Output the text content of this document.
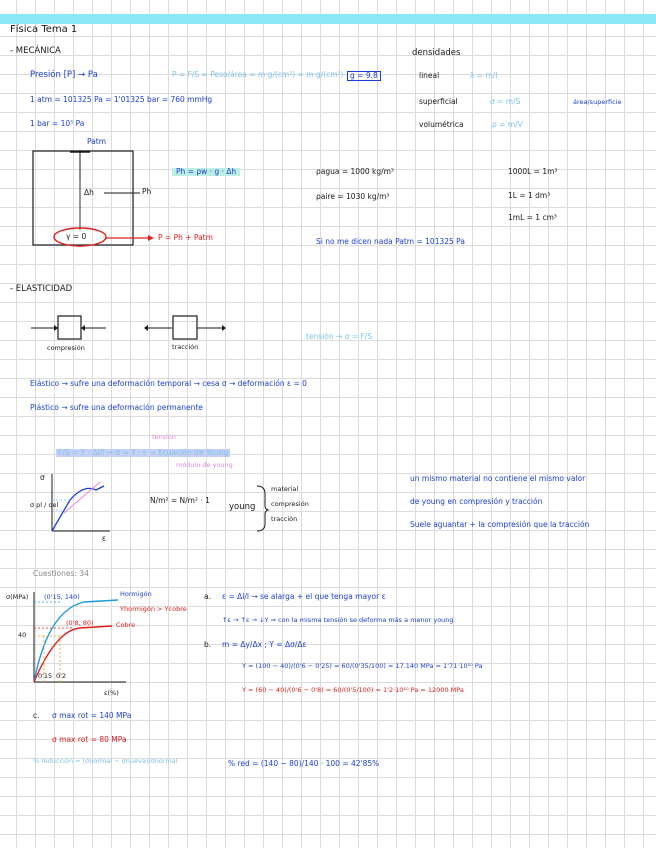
Física Tema 1
- MECÁNICA
Presión [P] → Pa	P = F/S = Peso/área = m·g/(cm²) = m·g/(cm²) g = 9.8
1 atm = 101325 Pa = 1'01325 bar = 760 mmHg
1 bar = 10⁵ Pa
Patm
Δh	Ph
γ = 0	P = Ph + Patm
Ph = ρw · g · Δh
densidades
lineal	λ = m/l
superficial	σ = m/S	área/superficie
volumétrica	ρ = m/V
ρagua = 1000 kg/m³
ρaire = 1030 kg/m³
1000L = 1m³
1L = 1 dm³
1mL = 1 cm³
Si no me dicen nada Patm = 101325 Pa
- ELASTICIDAD
compresión	tracción
tensión → σ = F/S
Elástico → sufre una deformación temporal → cesa σ → deformación ε = 0
Plástico → sufre una deformación permanente
tensión
F/S = Y · Δl/l → σ = Y · ε ⇒ Ecuación de Young
módulo de young
σ
σ pl / σel
ε
N/m² = N/m² · 1
young
material
compresión
tracción
un mismo material no contiene el mismo valor
de young en compresión y tracción
Suele aguantar + la compresión que la tracción
Cuestiones: 34
σ(MPa)
ε(%)
Hormigón
Cobre
Yhormigón > Ycobre
(0'15, 140)
(0'8, 80)
40
0'15 0'2
a. ε = Δl/l → se alarga + el que tenga mayor ε
↑ε → ↑ε → ↓Y ⇒ con la misma tensión se deforma más a menor young
b. m = Δy/Δx ; Y = Δσ/Δε
Y = (100 − 40)/(0'6 − 0'25) = 60/(0'35/100) = 17.140 MPa = 1'71·10¹⁰ Pa
Y = (60 − 40)/(0'6 − 0'8) = 60/(0'5/100) = 1'2·10¹⁰ Pa = 12000 MPa
c. σ max rot = 140 MPa
σ max rot = 80 MPa
% reducción = (σnormal − σnueva)/σnormal	% red = (140 − 80)/140 · 100 = 42'85%
